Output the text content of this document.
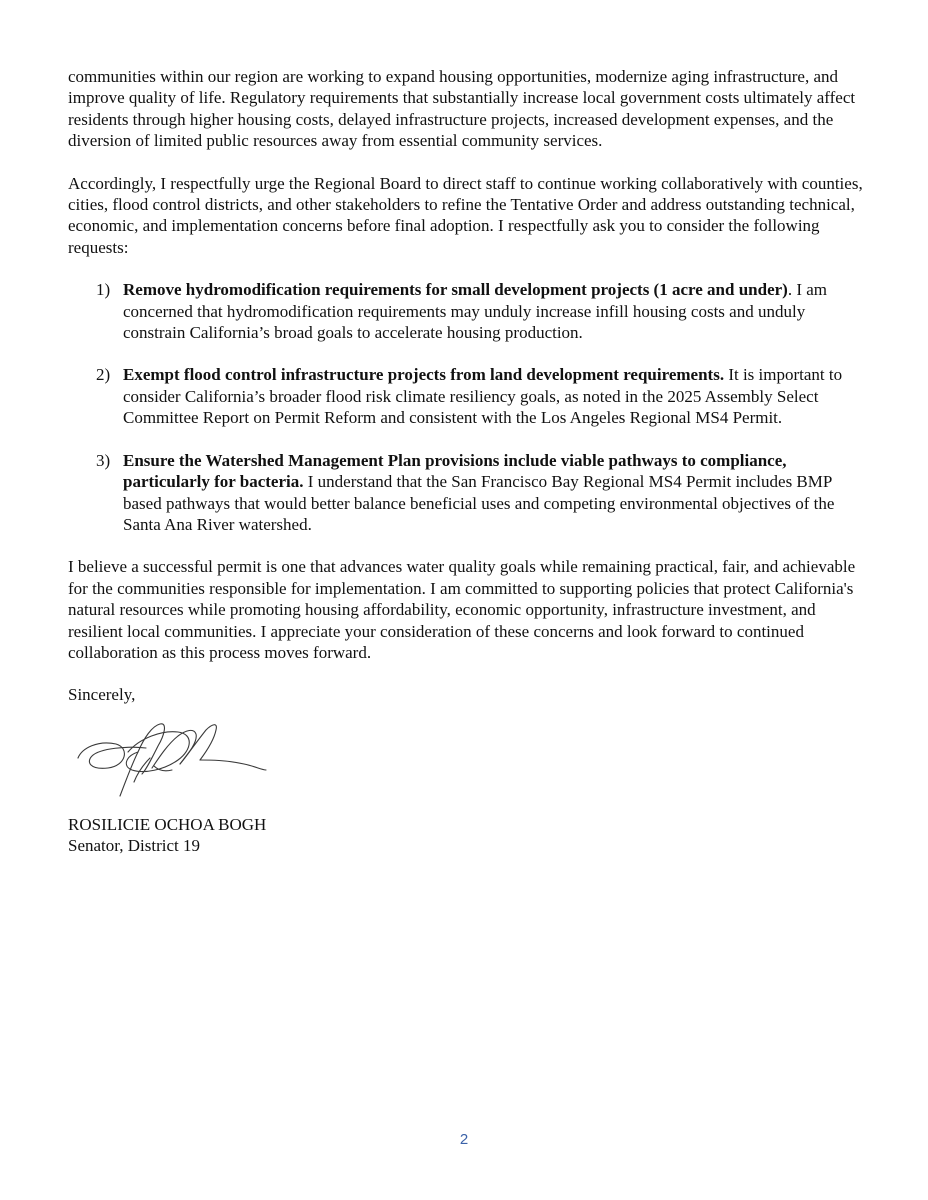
communities within our region are working to expand housing opportunities, modernize aging infrastructure, and improve quality of life. Regulatory requirements that substantially increase local government costs ultimately affect residents through higher housing costs, delayed infrastructure projects, increased development expenses, and the diversion of limited public resources away from essential community services.

Accordingly, I respectfully urge the Regional Board to direct staff to continue working collaboratively with counties, cities, flood control districts, and other stakeholders to refine the Tentative Order and address outstanding technical, economic, and implementation concerns before final adoption. I respectfully ask you to consider the following requests:

1) Remove hydromodification requirements for small development projects (1 acre and under). I am concerned that hydromodification requirements may unduly increase infill housing costs and unduly constrain California’s broad goals to accelerate housing production.
2) Exempt flood control infrastructure projects from land development requirements. It is important to consider California’s broader flood risk climate resiliency goals, as noted in the 2025 Assembly Select Committee Report on Permit Reform and consistent with the Los Angeles Regional MS4 Permit.
3) Ensure the Watershed Management Plan provisions include viable pathways to compliance, particularly for bacteria. I understand that the San Francisco Bay Regional MS4 Permit includes BMP based pathways that would better balance beneficial uses and competing environmental objectives of the Santa Ana River watershed.

I believe a successful permit is one that advances water quality goals while remaining practical, fair, and achievable for the communities responsible for implementation. I am committed to supporting policies that protect California's natural resources while promoting housing affordability, economic opportunity, infrastructure investment, and resilient local communities. I appreciate your consideration of these concerns and look forward to continued collaboration as this process moves forward.

Sincerely,

ROSILICIE OCHOA BOGH

Senator, District 19

2
